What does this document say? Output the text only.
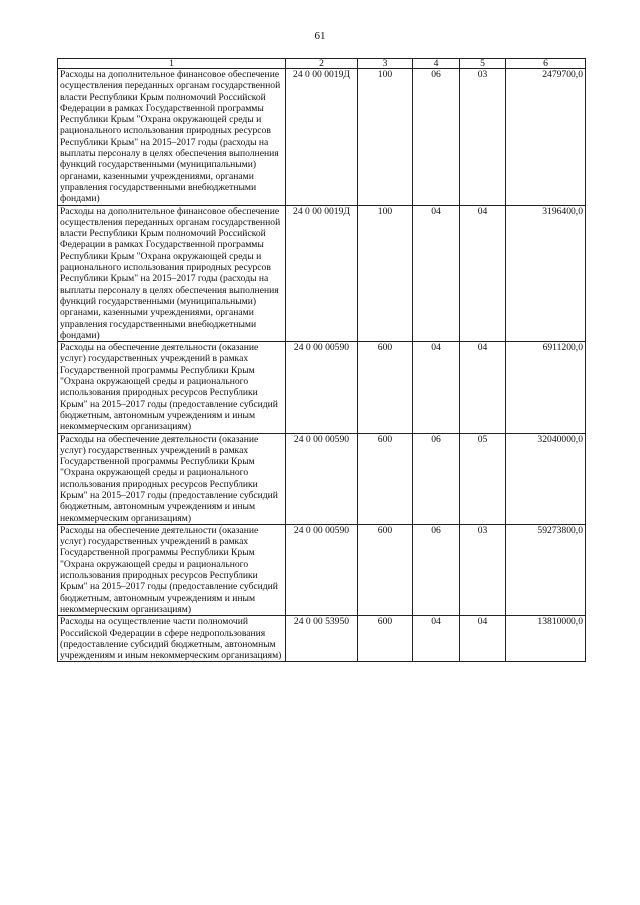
61
1	2	3	4	5	6
Расходы на дополнительное финансовое обеспечение осуществления переданных органам государственной власти Республики Крым полномочий Российской Федерации в рамках Государственной программы Республики Крым "Охрана окружающей среды и рационального использования природных ресурсов Республики Крым" на 2015–2017 годы (расходы на выплаты персоналу в целях обеспечения выполнения функций государственными (муниципальными) органами, казенными учреждениями, органами управления государственными внебюджетными фондами)	24 0 00 0019Д	100	06	03	2479700,0
Расходы на дополнительное финансовое обеспечение осуществления переданных органам государственной власти Республики Крым полномочий Российской Федерации в рамках Государственной программы Республики Крым "Охрана окружающей среды и рационального использования природных ресурсов Республики Крым" на 2015–2017 годы (расходы на выплаты персоналу в целях обеспечения выполнения функций государственными (муниципальными) органами, казенными учреждениями, органами управления государственными внебюджетными фондами)	24 0 00 0019Д	100	04	04	3196400,0
Расходы на обеспечение деятельности (оказание услуг) государственных учреждений в рамках Государственной программы Республики Крым "Охрана окружающей среды и рационального использования природных ресурсов Республики Крым" на 2015–2017 годы (предоставление субсидий бюджетным, автономным учреждениям и иным некоммерческим организациям)	24 0 00 00590	600	04	04	6911200,0
Расходы на обеспечение деятельности (оказание услуг) государственных учреждений в рамках Государственной программы Республики Крым "Охрана окружающей среды и рационального использования природных ресурсов Республики Крым" на 2015–2017 годы (предоставление субсидий бюджетным, автономным учреждениям и иным некоммерческим организациям)	24 0 00 00590	600	06	05	32040000,0
Расходы на обеспечение деятельности (оказание услуг) государственных учреждений в рамках Государственной программы Республики Крым "Охрана окружающей среды и рационального использования природных ресурсов Республики Крым" на 2015–2017 годы (предоставление субсидий бюджетным, автономным учреждениям и иным некоммерческим организациям)	24 0 00 00590	600	06	03	59273800,0
Расходы на осуществление части полномочий Российской Федерации в сфере недропользования (предоставление субсидий бюджетным, автономным учреждениям и иным некоммерческим организациям)	24 0 00 53950	600	04	04	13810000,0
